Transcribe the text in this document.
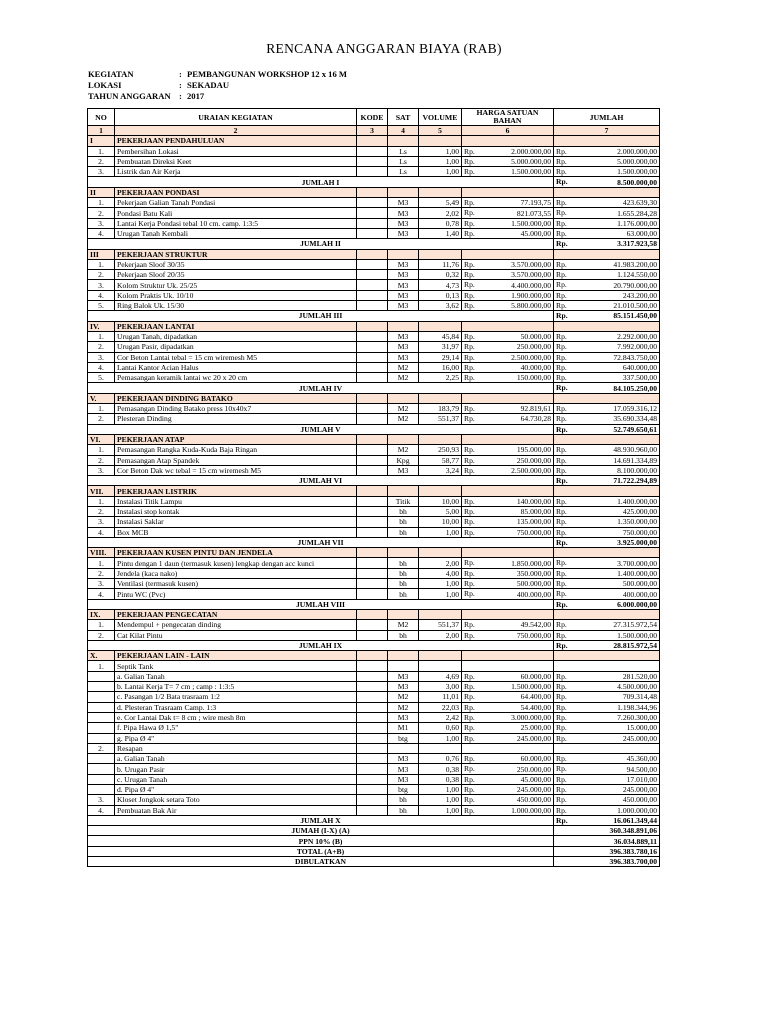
RENCANA ANGGARAN BIAYA (RAB)
KEGIATAN	: PEMBANGUNAN WORKSHOP 12 x 16 M
LOKASI	: SEKADAU
TAHUN ANGGARAN : 2017
NO	URAIAN KEGIATAN	KODE	SAT	VOLUME	HARGA SATUAN BAHAN	JUMLAH
1	2	3	4	5	6	7
I	PEKERJAAN PENDAHULUAN					
1.	Pembersihan Lokasi		Ls	1,00	Rp. 2.000.000,00	Rp. 2.000.000,00

2.	Pembuatan Direksi Keet		Ls	1,00	Rp. 5.000.000,00	Rp. 5.000.000,00

3.	Listrik dan Air Kerja		Ls	1,00	Rp. 1.500.000,00	Rp. 1.500.000,00

JUMLAH I						Rp. 8.500.000,00

II	PEKERJAAN PONDASI					
1.	Pekerjaan Galian Tanah Pondasi		M3	5,49	Rp. 77.193,75	Rp. 423.639,30

2.	Pondasi Batu Kali		M3	2,02	Rp. 821.073,55	Rp. 1.655.284,28

3.	Lantai Kerja Pondasi tebal 10 cm. camp. 1:3:5		M3	0,78	Rp. 1.500.000,00	Rp. 1.176.000,00

4.	Urugan Tanah Kembali		M3	1,40	Rp. 45.000,00	Rp. 63.000,00

JUMLAH II						Rp. 3.317.923,58

III	PEKERJAAN STRUKTUR					
1.	Pekerjaan Sloof 30/35		M3	11,76	Rp. 3.570.000,00	Rp. 41.983.200,00

2.	Pekerjaan Sloof 20/35		M3	0,32	Rp. 3.570.000,00	Rp. 1.124.550,00

3.	Kolom Struktur Uk. 25/25		M3	4,73	Rp. 4.400.000,00	Rp. 20.790.000,00

4.	Kolom Praktis Uk. 10/10		M3	0,13	Rp. 1.900.000,00	Rp. 243.200,00

5.	Ring Balok Uk. 15/30		M3	3,62	Rp. 5.800.000,00	Rp. 21.010.500,00

JUMLAH III						Rp. 85.151.450,00

IV.	PEKERJAAN LANTAI					
1.	Urugan Tanah, dipadatkan		M3	45,84	Rp. 50.000,00	Rp. 2.292.000,00

2.	Urugan Pasir, dipadatkan		M3	31,97	Rp. 250.000,00	Rp. 7.992.000,00

3.	Cor Beton Lantai tebal = 15 cm wiremesh M5		M3	29,14	Rp. 2.500.000,00	Rp. 72.843.750,00

4.	Lantai Kantor Acian Halus		M2	16,00	Rp. 40.000,00	Rp. 640.000,00

5.	Pemasangan keramik lantai wc 20 x 20 cm		M2	2,25	Rp. 150.000,00	Rp. 337.500,00

JUMLAH IV						Rp. 84.105.250,00

V.	PEKERJAAN DINDING BATAKO					
1.	Pemasangan Dinding Batako press 10x40x7		M2	183,79	Rp. 92.819,61	Rp. 17.059.316,12

2.	Plesteran Dinding		M2	551,37	Rp. 64.730,28	Rp. 35.690.334,48

JUMLAH V						Rp. 52.749.650,61

VI.	PEKERJAAN ATAP					
1.	Pemasangan Rangka Kuda-Kuda Baja Ringan		M2	250,93	Rp. 195.000,00	Rp. 48.930.960,00

2.	Pemasangan Atap Spandek		Kpg	58,77	Rp. 250.000,00	Rp. 14.691.334,89

3.	Cor Beton Dak wc tebal = 15 cm wiremesh M5		M3	3,24	Rp. 2.500.000,00	Rp. 8.100.000,00

JUMLAH VI						Rp. 71.722.294,89

VII.	PEKERJAAN LISTRIK					
1.	Instalasi Titik Lampu		Titik	10,00	Rp. 140.000,00	Rp. 1.400.000,00

2.	Instalasi stop kontak		bh	5,00	Rp. 85.000,00	Rp. 425.000,00

3.	Instalasi Saklar		bh	10,00	Rp. 135.000,00	Rp. 1.350.000,00

4.	Box MCB		bh	1,00	Rp. 750.000,00	Rp. 750.000,00

JUMLAH VII						Rp. 3.925.000,00

VIII.	PEKERJAAN KUSEN PINTU DAN JENDELA					
1.	Pintu dengan 1 daun (termasuk kusen) lengkap dengan acc kunci		bh	2,00	Rp. 1.850.000,00	Rp. 3.700.000,00

2.	Jendela (kaca nako)		bh	4,00	Rp. 350.000,00	Rp. 1.400.000,00

3.	Ventilasi (termasuk kusen)		bh	1,00	Rp. 500.000,00	Rp. 500.000,00

4.	Pintu WC (Pvc)		bh	1,00	Rp. 400.000,00	Rp. 400.000,00

JUMLAH VIII						Rp. 6.000.000,00

IX.	PEKERJAAN PENGECATAN					
1.	Mendempul + pengecatan dinding		M2	551,37	Rp. 49.542,00	Rp. 27.315.972,54

2.	Cat Kilat Pintu		bh	2,00	Rp. 750.000,00	Rp. 1.500.000,00

JUMLAH IX						Rp. 28.815.972,54

X.	PEKERJAAN LAIN - LAIN					
1.	Septik Tank				

	a. Galian Tanah		M3	4,69	Rp. 60.000,00	Rp. 281.520,00

	b. Lantai Kerja T= 7 cm ; camp : 1:3:5		M3	3,00	Rp. 1.500.000,00	Rp. 4.500.000,00

	c. Pasangan 1/2 Bata trasraam 1:2		M2	11,01	Rp. 64.400,00	Rp. 709.314,48

	d. Plesteran Trasraam Camp. 1:3		M2	22,03	Rp. 54.400,00	Rp. 1.198.344,96

	e. Cor Lantai Dak t= 8 cm ; wire mesh 8m		M3	2,42	Rp. 3.000.000,00	Rp. 7.260.300,00

	f. Pipa Hawa Ø 1,5"		M1	0,60	Rp. 25.000,00	Rp. 15.000,00

	g. Pipa Ø 4"		btg	1,00	Rp. 245.000,00	Rp. 245.000,00

2.	Resapan				

	a. Galian Tanah		M3	0,76	Rp. 60.000,00	Rp. 45.360,00

	b. Urugan Pasir		M3	0,38	Rp. 250.000,00	Rp. 94.500,00

	c. Urugan Tanah		M3	0,38	Rp. 45.000,00	Rp. 17.010,00

	d. Pipa Ø 4"		btg	1,00	Rp. 245.000,00	Rp. 245.000,00

3.	Kloset Jongkok setara Toto		bh	1,00	Rp. 450.000,00	Rp. 450.000,00

4.	Pembuatan Bak Air		bh	1,00	Rp. 1.000.000,00	Rp. 1.000.000,00

JUMLAH X						Rp. 16.061.349,44

JUMAH (I-X) (A)						360.348.891,06
PPN 10% (B)						36.034.889,11
TOTAL (A+B)						396.383.780,16
DIBULATKAN						396.383.700,00
